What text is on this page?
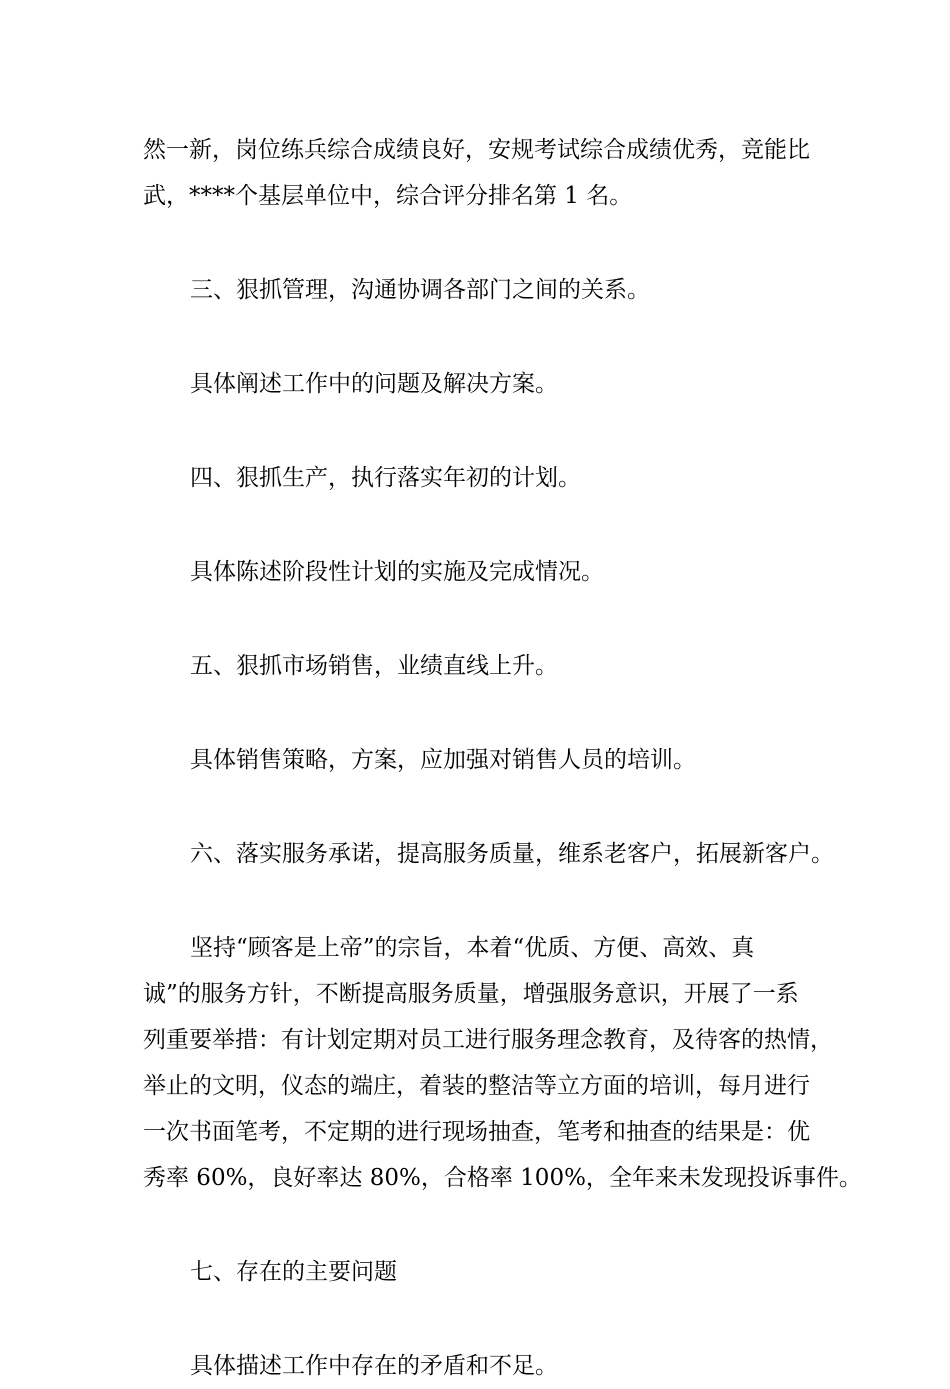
然一新，岗位练兵综合成绩良好，安规考试综合成绩优秀，竞能比
武，****个基层单位中，综合评分排名第 1 名。

三、狠抓管理，沟通协调各部门之间的关系。

具体阐述工作中的问题及解决方案。

四、狠抓生产，执行落实年初的计划。

具体陈述阶段性计划的实施及完成情况。

五、狠抓市场销售，业绩直线上升。

具体销售策略，方案，应加强对销售人员的培训。

六、落实服务承诺，提高服务质量，维系老客户，拓展新客户。

坚持“顾客是上帝”的宗旨，本着“优质、方便、高效、真
诚”的服务方针，不断提高服务质量，增强服务意识，开展了一系
列重要举措：有计划定期对员工进行服务理念教育，及待客的热情，
举止的文明，仪态的端庄，着装的整洁等立方面的培训，每月进行
一次书面笔考，不定期的进行现场抽查，笔考和抽查的结果是：优
秀率 60%，良好率达 80%，合格率 100%，全年来未发现投诉事件。

七、存在的主要问题

具体描述工作中存在的矛盾和不足。
